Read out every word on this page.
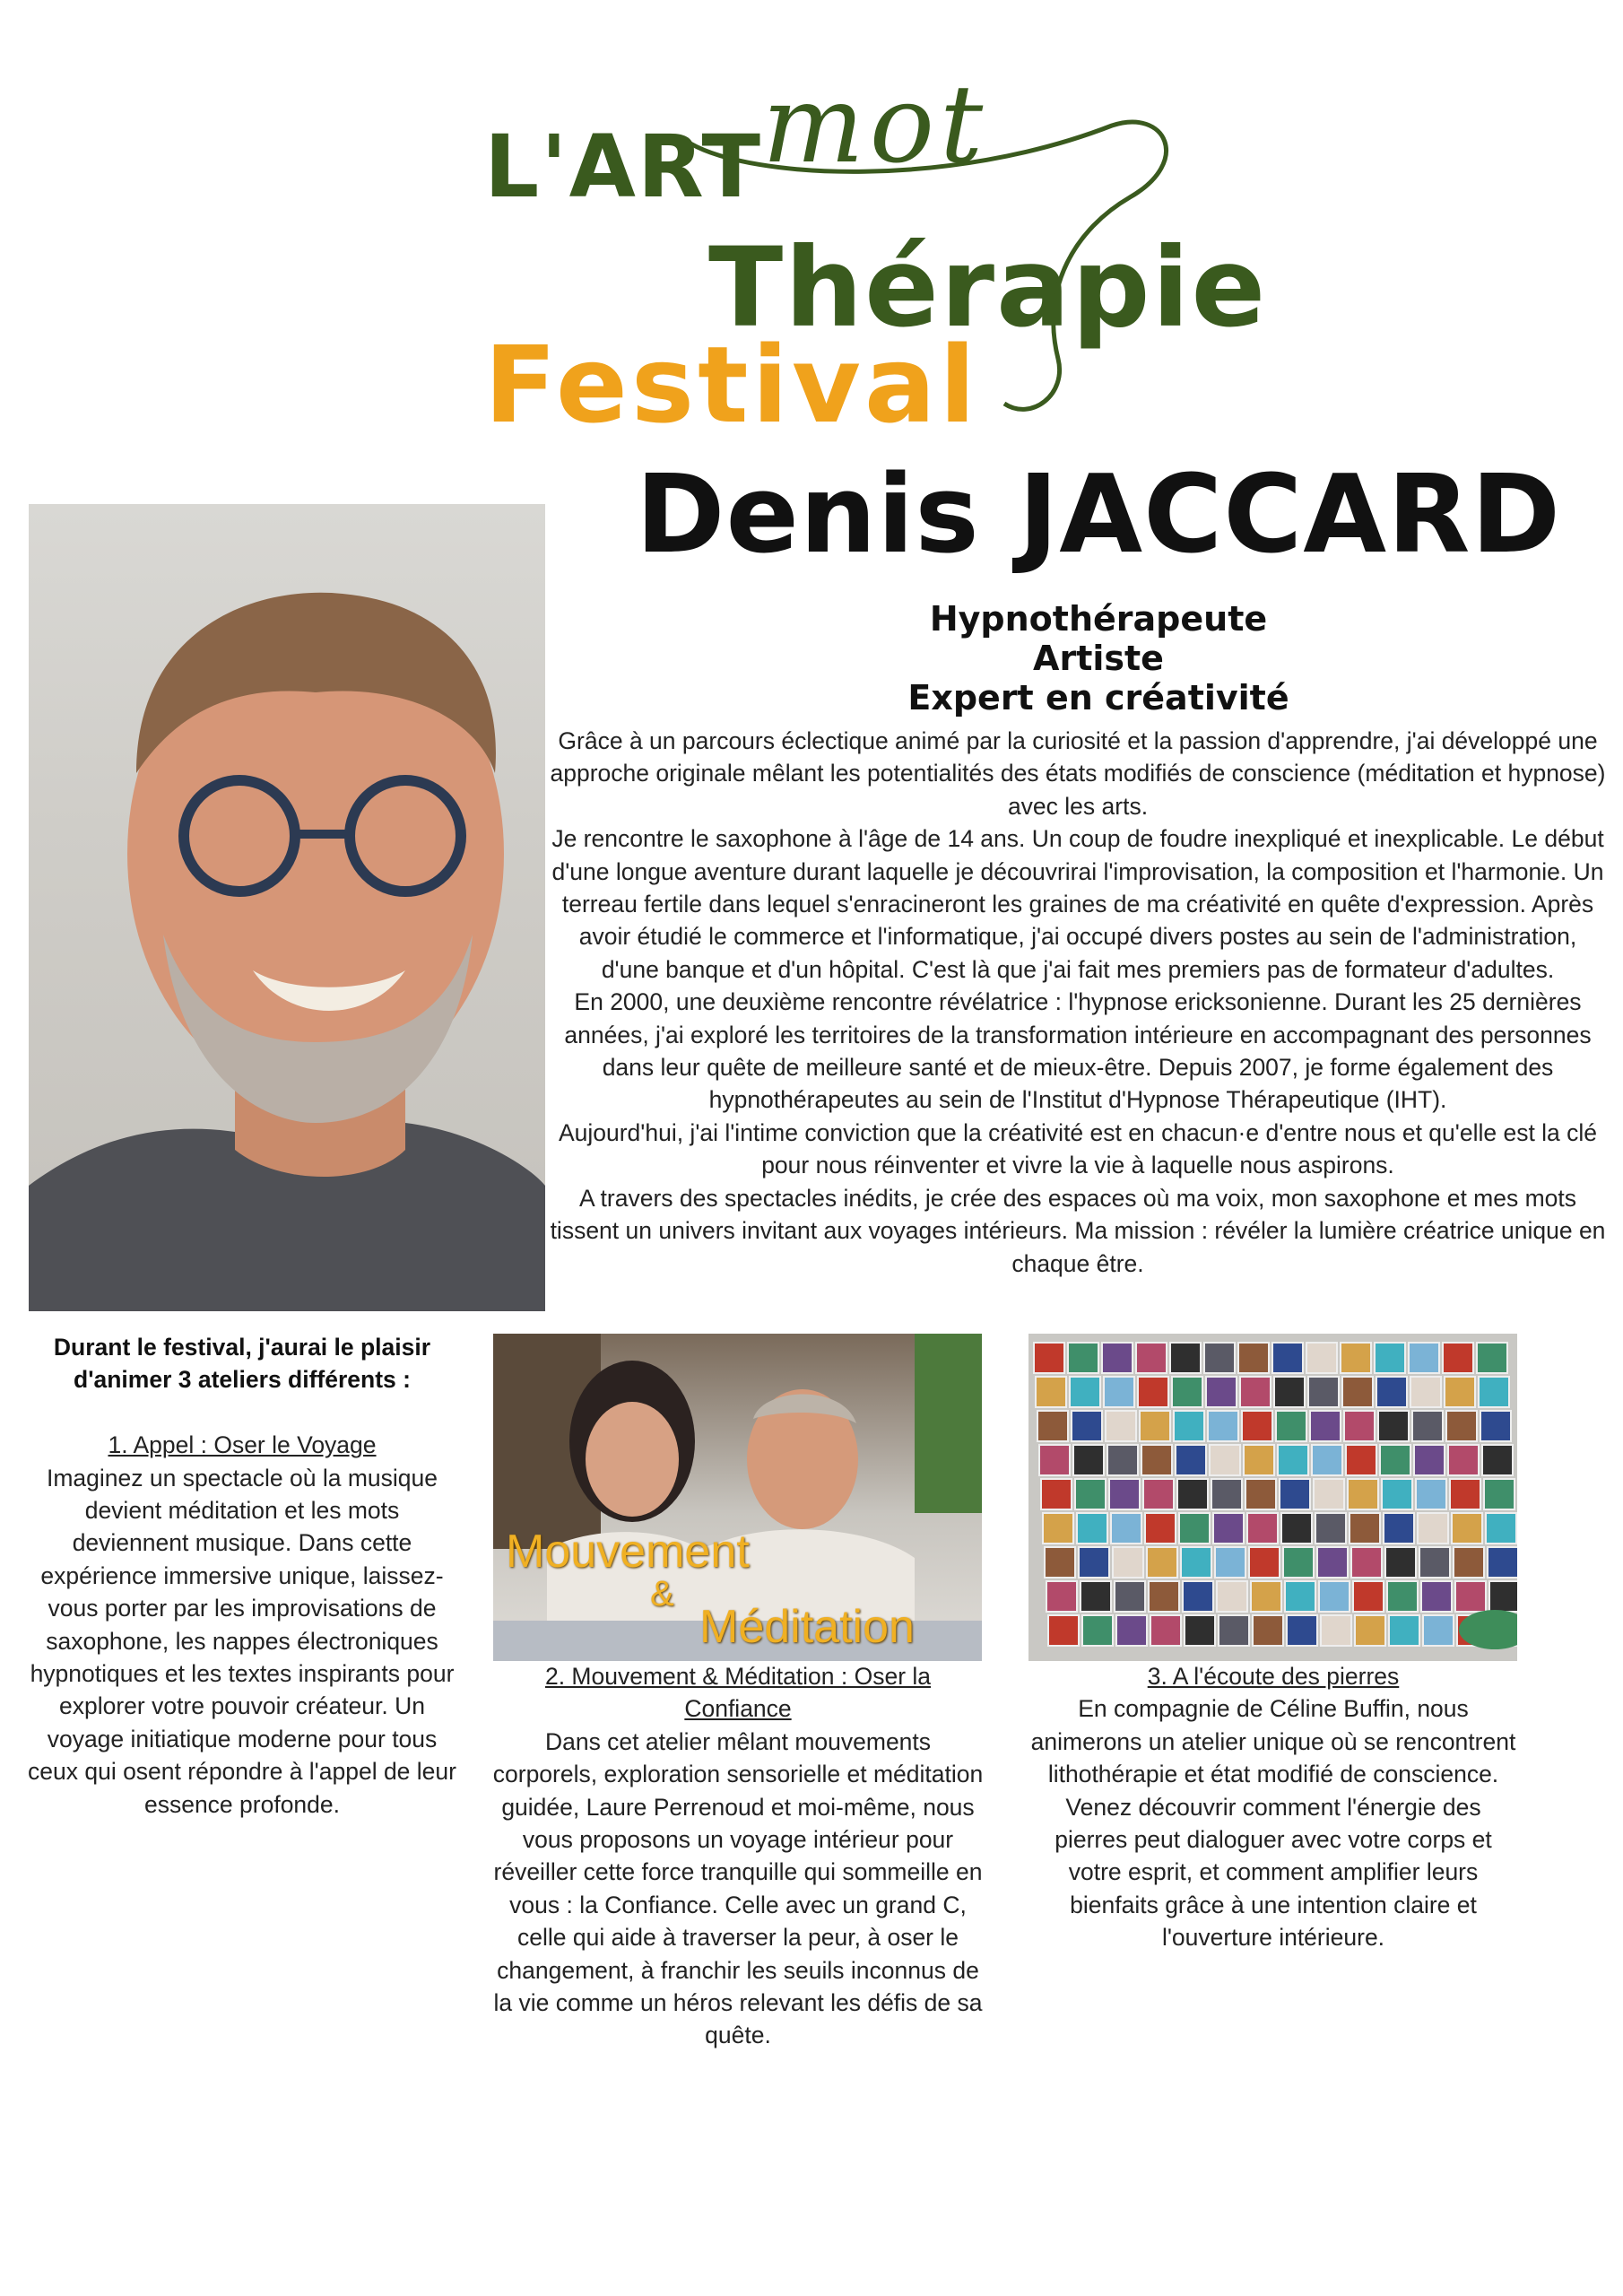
L'ART mot
Thérapie
Festival
Denis JACCARD
Hypnothérapeute
Artiste
Expert en créativité

Grâce à un parcours éclectique animé par la curiosité et la passion d'apprendre, j'ai développé une approche originale mêlant les potentialités des états modifiés de conscience (méditation et hypnose) avec les arts.

Je rencontre le saxophone à l'âge de 14 ans. Un coup de foudre inexpliqué et inexplicable. Le début d'une longue aventure durant laquelle je découvrirai l'improvisation, la composition et l'harmonie. Un terreau fertile dans lequel s'enracineront les graines de ma créativité en quête d'expression. Après avoir étudié le commerce et l'informatique, j'ai occupé divers postes au sein de l'administration, d'une banque et d'un hôpital. C'est là que j'ai fait mes premiers pas de formateur d'adultes.

En 2000, une deuxième rencontre révélatrice : l'hypnose ericksonienne. Durant les 25 dernières années, j'ai exploré les territoires de la transformation intérieure en accompagnant des personnes dans leur quête de meilleure santé et de mieux-être. Depuis 2007, je forme également des hypnothérapeutes au sein de l'Institut d'Hypnose Thérapeutique (IHT).

Aujourd'hui, j'ai l'intime conviction que la créativité est en chacun·e d'entre nous et qu'elle est la clé pour nous réinventer et vivre la vie à laquelle nous aspirons.

A travers des spectacles inédits, je crée des espaces où ma voix, mon saxophone et mes mots tissent un univers invitant aux voyages intérieurs. Ma mission : révéler la lumière créatrice unique en chaque être.

Durant le festival, j'aurai le plaisir d'animer 3 ateliers différents :

1. Appel : Oser le Voyage

Imaginez un spectacle où la musique devient méditation et les mots deviennent musique. Dans cette expérience immersive unique, laissez-vous porter par les improvisations de saxophone, les nappes électroniques hypnotiques et les textes inspirants pour explorer votre pouvoir créateur. Un voyage initiatique moderne pour tous ceux qui osent répondre à l'appel de leur essence profonde.

Mouvement
&
Méditation

2. Mouvement & Méditation : Oser la Confiance

Dans cet atelier mêlant mouvements corporels, exploration sensorielle et méditation guidée, Laure Perrenoud et moi-même, nous vous proposons un voyage intérieur pour réveiller cette force tranquille qui sommeille en vous : la Confiance. Celle avec un grand C, celle qui aide à traverser la peur, à oser le changement, à franchir les seuils inconnus de la vie comme un héros relevant les défis de sa quête.

3. A l'écoute des pierres

En compagnie de Céline Buffin, nous animerons un atelier unique où se rencontrent lithothérapie et état modifié de conscience. Venez découvrir comment l'énergie des pierres peut dialoguer avec votre corps et votre esprit, et comment amplifier leurs bienfaits grâce à une intention claire et l'ouverture intérieure.
